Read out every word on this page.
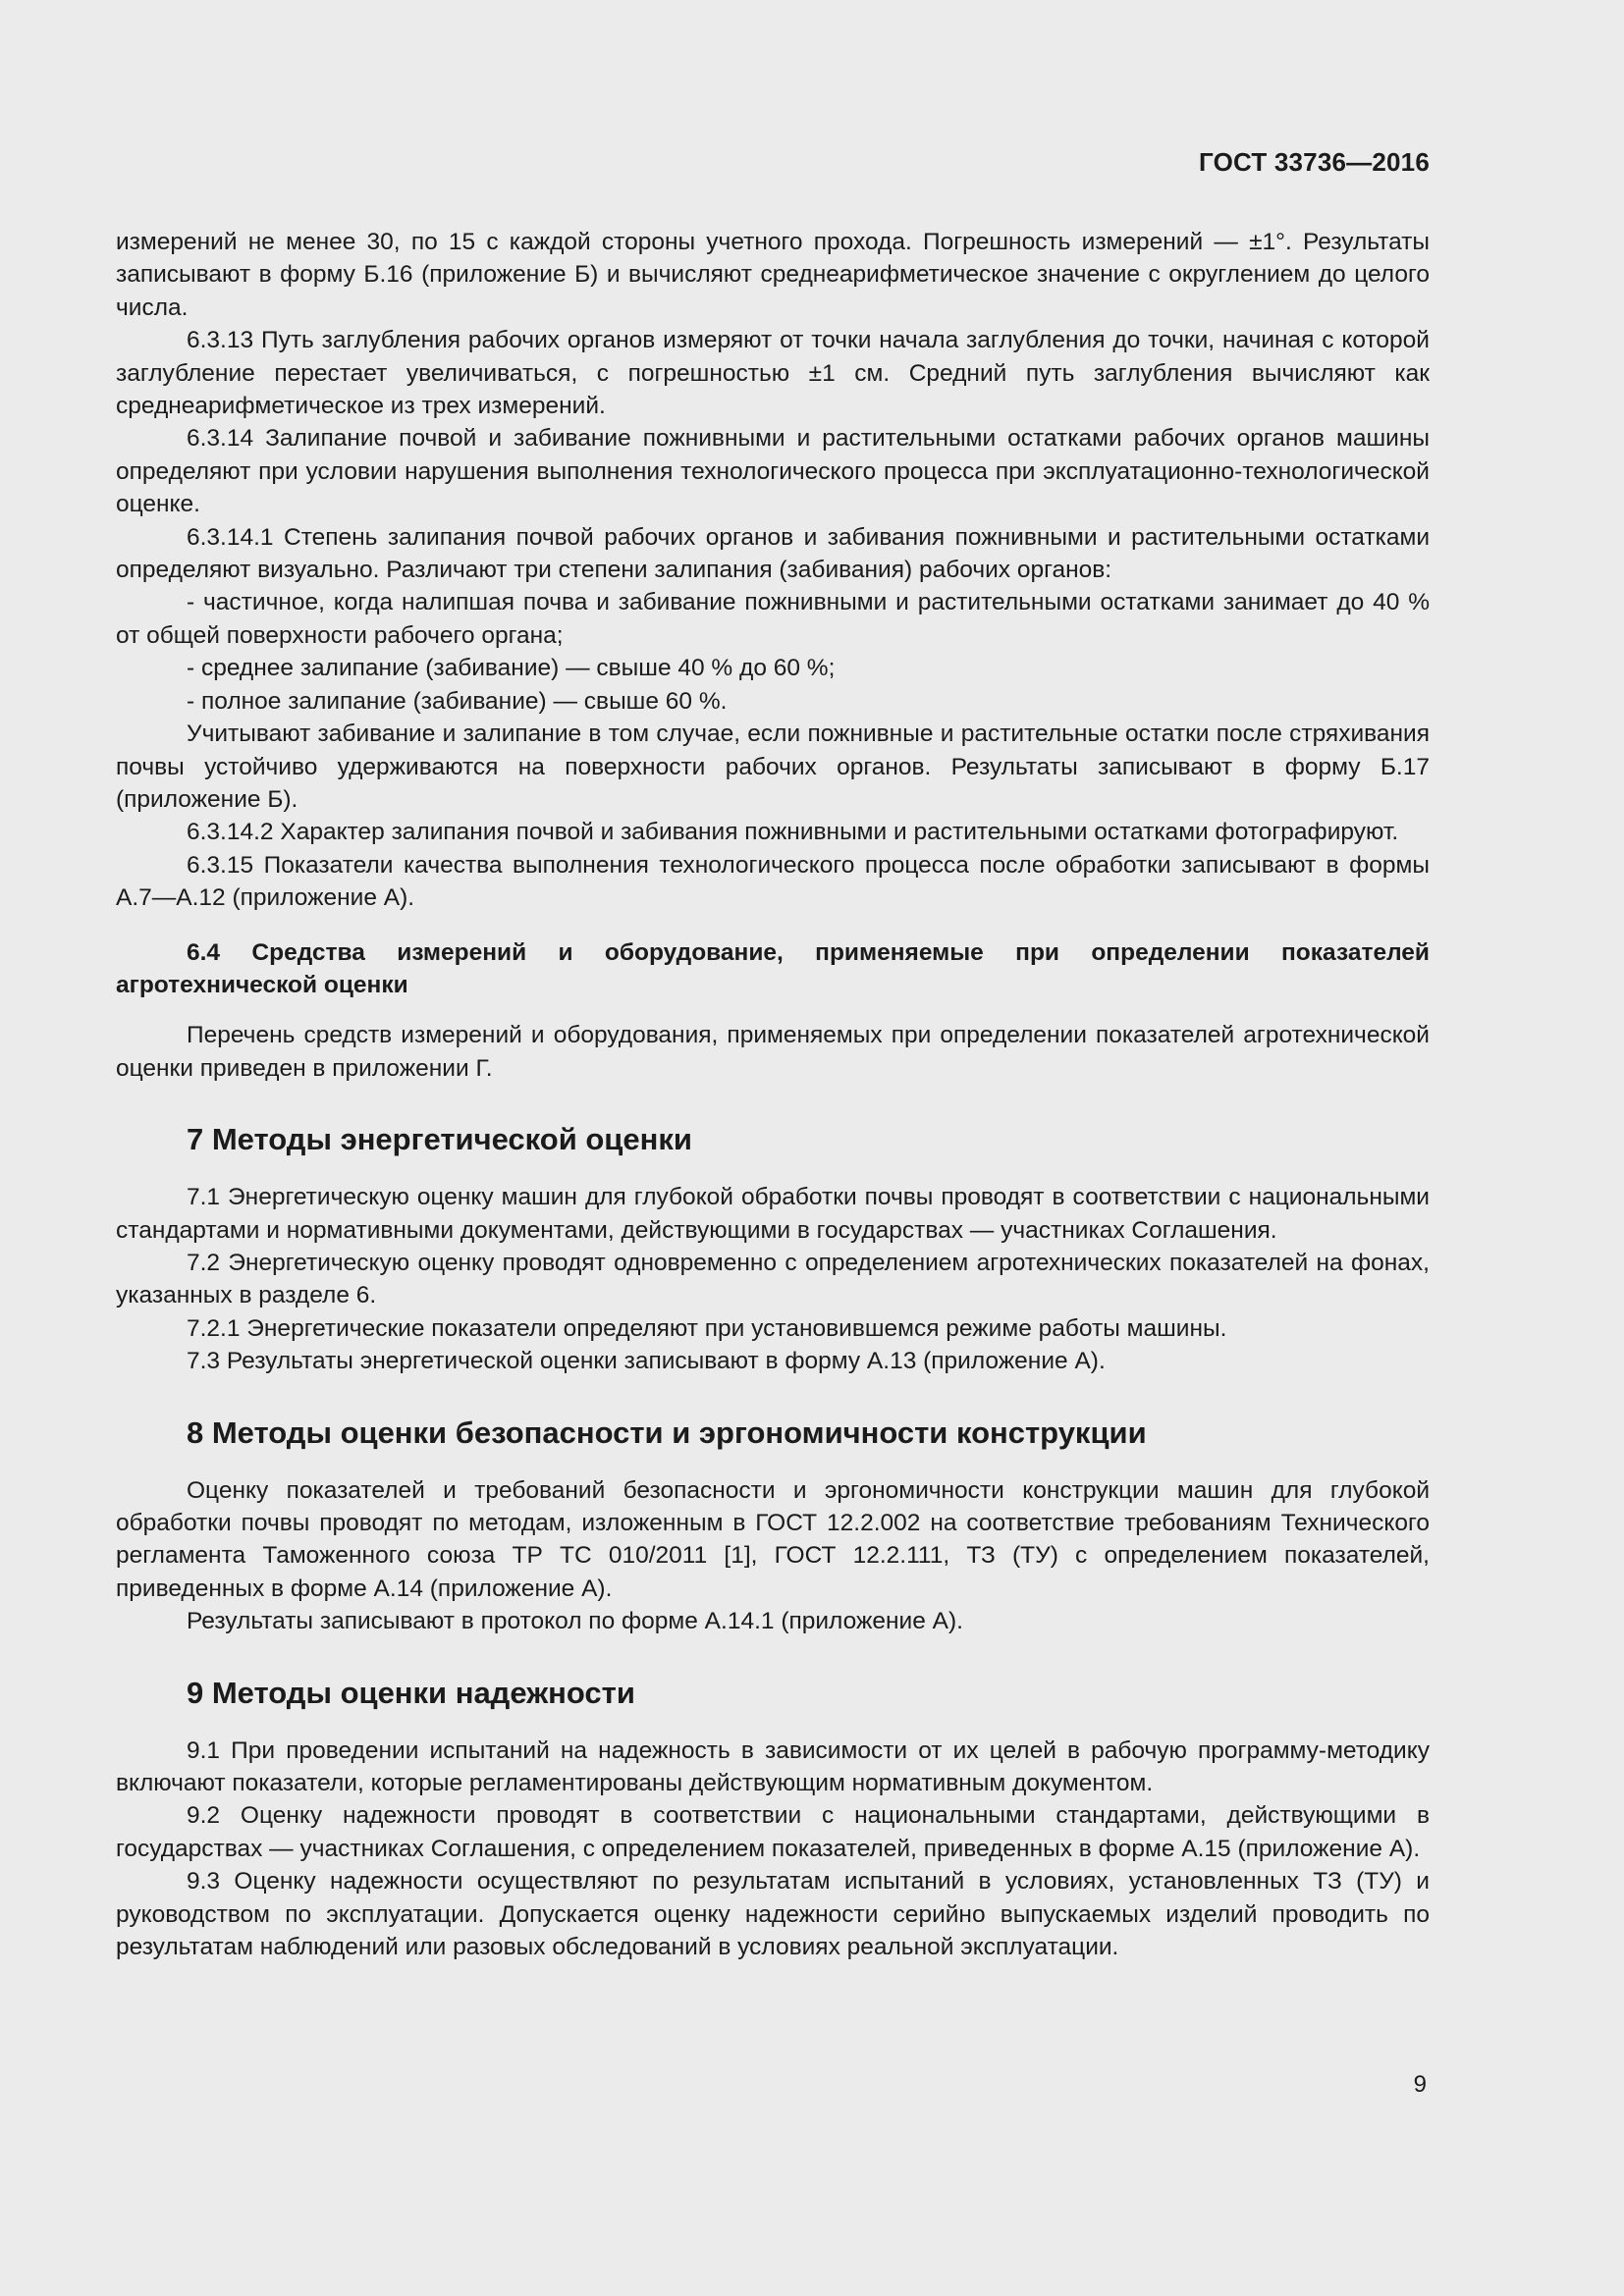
ГОСТ 33736—2016

измерений не менее 30, по 15 с каждой стороны учетного прохода. Погрешность измерений — ±1°. Результаты записывают в форму Б.16 (приложение Б) и вычисляют среднеарифметическое значение с округлением до целого числа.

6.3.13 Путь заглубления рабочих органов измеряют от точки начала заглубления до точки, начиная с которой заглубление перестает увеличиваться, с погрешностью ±1 см. Средний путь заглубления вычисляют как среднеарифметическое из трех измерений.

6.3.14 Залипание почвой и забивание пожнивными и растительными остатками рабочих органов машины определяют при условии нарушения выполнения технологического процесса при эксплуатационно-технологической оценке.

6.3.14.1 Степень залипания почвой рабочих органов и забивания пожнивными и растительными остатками определяют визуально. Различают три степени залипания (забивания) рабочих органов:

- частичное, когда налипшая почва и забивание пожнивными и растительными остатками занимает до 40 % от общей поверхности рабочего органа;

- среднее залипание (забивание) — свыше 40 % до 60 %;

- полное залипание (забивание) — свыше 60 %.

Учитывают забивание и залипание в том случае, если пожнивные и растительные остатки после стряхивания почвы устойчиво удерживаются на поверхности рабочих органов. Результаты записывают в форму Б.17 (приложение Б).

6.3.14.2 Характер залипания почвой и забивания пожнивными и растительными остатками фотографируют.

6.3.15 Показатели качества выполнения технологического процесса после обработки записывают в формы А.7—А.12 (приложение А).

6.4 Средства измерений и оборудование, применяемые при определении показателей агротехнической оценки

Перечень средств измерений и оборудования, применяемых при определении показателей агротехнической оценки приведен в приложении Г.

7 Методы энергетической оценки

7.1 Энергетическую оценку машин для глубокой обработки почвы проводят в соответствии с национальными стандартами и нормативными документами, действующими в государствах — участниках Соглашения.

7.2 Энергетическую оценку проводят одновременно с определением агротехнических показателей на фонах, указанных в разделе 6.

7.2.1 Энергетические показатели определяют при установившемся режиме работы машины.

7.3 Результаты энергетической оценки записывают в форму А.13 (приложение А).

8 Методы оценки безопасности и эргономичности конструкции

Оценку показателей и требований безопасности и эргономичности конструкции машин для глубокой обработки почвы проводят по методам, изложенным в ГОСТ 12.2.002 на соответствие требованиям Технического регламента Таможенного союза ТР ТС 010/2011 [1], ГОСТ 12.2.111, ТЗ (ТУ) с определением показателей, приведенных в форме А.14 (приложение А).

Результаты записывают в протокол по форме А.14.1 (приложение А).

9 Методы оценки надежности

9.1 При проведении испытаний на надежность в зависимости от их целей в рабочую программу-методику включают показатели, которые регламентированы действующим нормативным документом.

9.2 Оценку надежности проводят в соответствии с национальными стандартами, действующими в государствах — участниках Соглашения, с определением показателей, приведенных в форме А.15 (приложение А).

9.3 Оценку надежности осуществляют по результатам испытаний в условиях, установленных ТЗ (ТУ) и руководством по эксплуатации. Допускается оценку надежности серийно выпускаемых изделий проводить по результатам наблюдений или разовых обследований в условиях реальной эксплуатации.

9
